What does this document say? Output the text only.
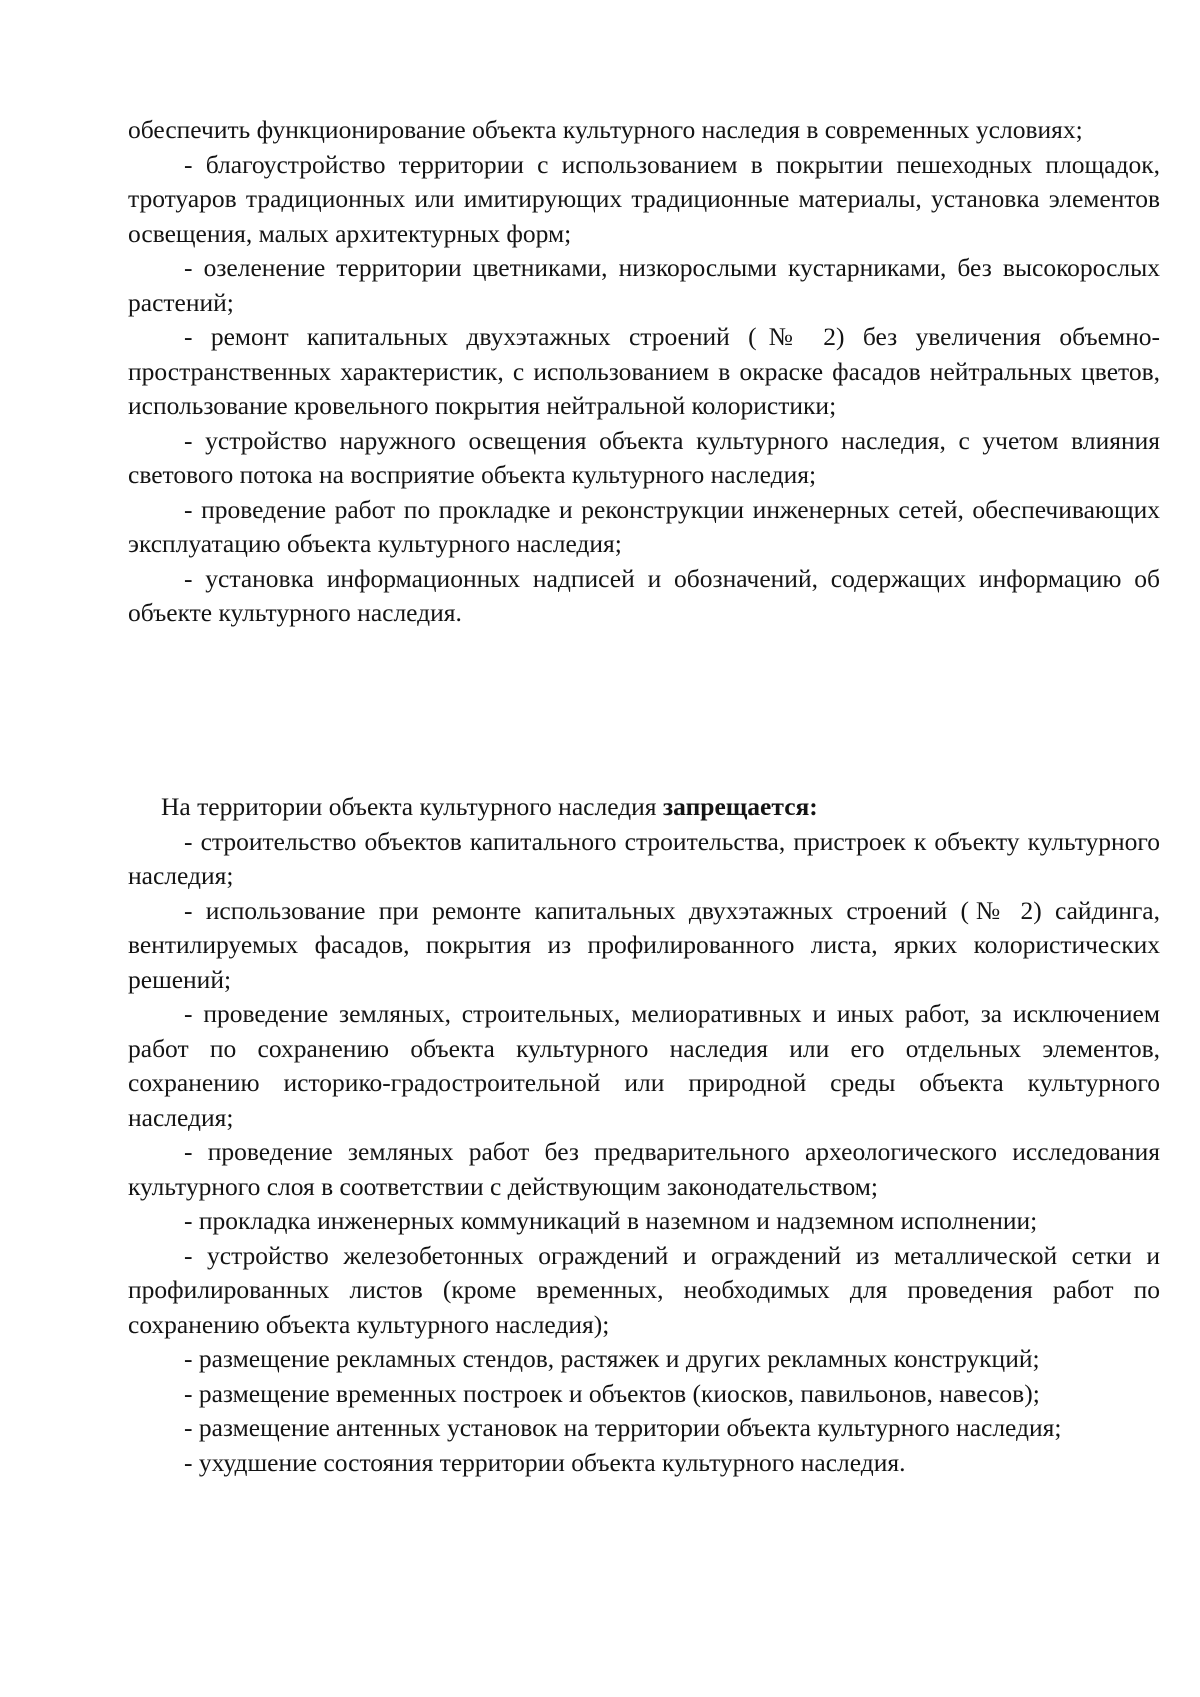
обеспечить функционирование объекта культурного наследия в современных условиях;

- благоустройство территории с использованием в покрытии пешеходных площадок, тротуаров традиционных или имитирующих традиционные материалы, установка элементов освещения, малых архитектурных форм;

- озеленение территории цветниками, низкорослыми кустарниками, без высокорослых растений;

- ремонт капитальных двухэтажных строений (№ 2) без увеличения объемно-пространственных характеристик, с использованием в окраске фасадов нейтральных цветов, использование кровельного покрытия нейтральной колористики;

- устройство наружного освещения объекта культурного наследия, с учетом влияния светового потока на восприятие объекта культурного наследия;

- проведение работ по прокладке и реконструкции инженерных сетей, обеспечивающих эксплуатацию объекта культурного наследия;

- установка информационных надписей и обозначений, содержащих информацию об объекте культурного наследия.

На территории объекта культурного наследия запрещается:

- строительство объектов капитального строительства, пристроек к объекту культурного наследия;

- использование при ремонте капитальных двухэтажных строений (№ 2) сайдинга, вентилируемых фасадов, покрытия из профилированного листа, ярких колористических решений;

- проведение земляных, строительных, мелиоративных и иных работ, за исключением работ по сохранению объекта культурного наследия или его отдельных элементов, сохранению историко-градостроительной или природной среды объекта культурного наследия;

- проведение земляных работ без предварительного археологического исследования культурного слоя в соответствии с действующим законодательством;

- прокладка инженерных коммуникаций в наземном и надземном исполнении;

- устройство железобетонных ограждений и ограждений из металлической сетки и профилированных листов (кроме временных, необходимых для проведения работ по сохранению объекта культурного наследия);

- размещение рекламных стендов, растяжек и других рекламных конструкций;

- размещение временных построек и объектов (киосков, павильонов, навесов);

- размещение антенных установок на территории объекта культурного наследия;

- ухудшение состояния территории объекта культурного наследия.
